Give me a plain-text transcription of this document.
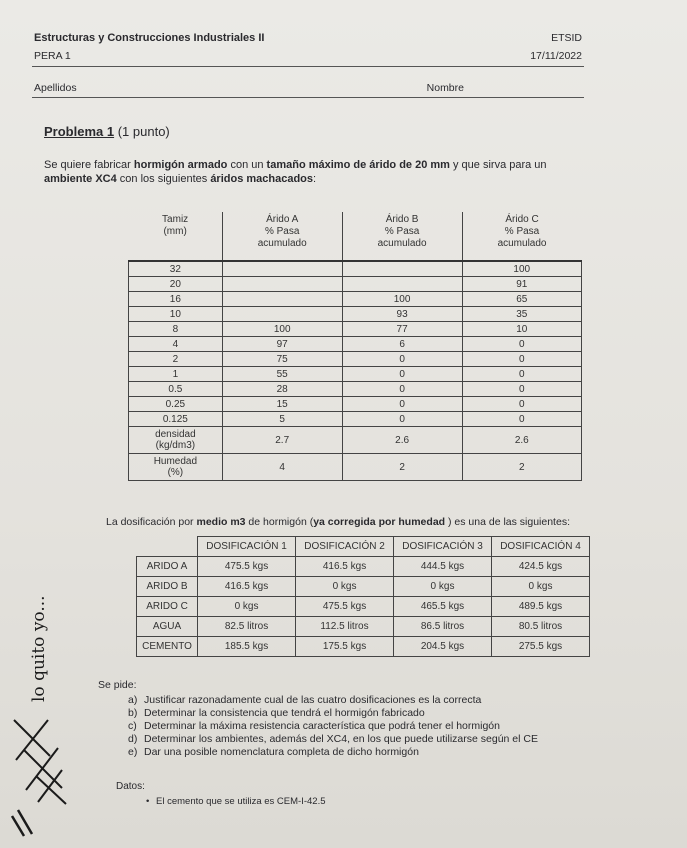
Estructuras y Construcciones Industriales II	ETSID
PERA 1	17/11/2022
Apellidos	Nombre
Problema 1 (1 punto)
Se quiere fabricar hormigón armado con un tamaño máximo de árido de 20 mm y que sirva para un ambiente XC4 con los siguientes áridos machacados:
Tamiz
(mm)	Árido A
% Pasa
acumulado	Árido B
% Pasa
acumulado	Árido C
% Pasa
acumulado
32			100
20			91
16		100	65
10		93	35
8	100	77	10
4	97	6	0
2	75	0	0
1	55	0	0
0.5	28	0	0
0.25	15	0	0
0.125	5	0	0
densidad
(kg/dm3)	2.7	2.6	2.6
Humedad
(%)	4	2	2
La dosificación por medio m3 de hormigón (ya corregida por humedad ) es una de las siguientes:
	DOSIFICACIÓN 1	DOSIFICACIÓN 2	DOSIFICACIÓN 3	DOSIFICACIÓN 4
ARIDO A	475.5 kgs	416.5 kgs	444.5 kgs	424.5 kgs
ARIDO B	416.5 kgs	0 kgs	0 kgs	0 kgs
ARIDO C	0 kgs	475.5 kgs	465.5 kgs	489.5 kgs
AGUA	82.5 litros	112.5 litros	86.5 litros	80.5 litros
CEMENTO	185.5 kgs	175.5 kgs	204.5 kgs	275.5 kgs
Se pide:
a) Justificar razonadamente cual de las cuatro dosificaciones es la correcta
b) Determinar la consistencia que tendrá el hormigón fabricado
c) Determinar la máxima resistencia característica que podrá tener el hormigón
d) Determinar los ambientes, además del XC4, en los que puede utilizarse según el CE
e) Dar una posible nomenclatura completa de dicho hormigón
Datos:
• El cemento que se utiliza es CEM-I-42.5
lo quito yo...
